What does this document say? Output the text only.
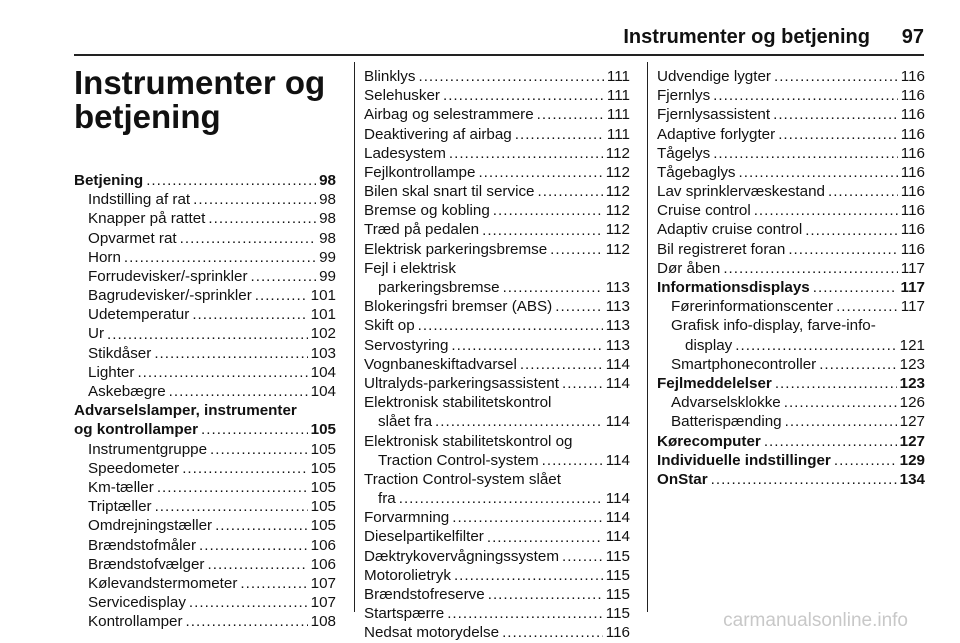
Instrumenter og betjening 97
Instrumenter og
betjening
Betjening .....	98
Indstilling af rat .....	98
Knapper på rattet .....	98
Opvarmet rat .....	98
Horn .....	99
Forrudevisker/-sprinkler .....	99
Bagrudevisker/-sprinkler .....	101
Udetemperatur .....	101
Ur .....	102
Stikdåser .....	103
Lighter .....	104
Askebægre .....	104
Advarselslamper, instrumenter
og kontrollamper .....	105
Instrumentgruppe .....	105
Speedometer .....	105
Km-tæller .....	105
Triptæller .....	105
Omdrejningstæller .....	105
Brændstofmåler .....	106
Brændstofvælger .....	106
Kølevandstermometer .....	107
Servicedisplay .....	107
Kontrollamper .....	108
Blinklys .....	111
Selehusker .....	111
Airbag og selestrammere .....	111
Deaktivering af airbag .....	111
Ladesystem .....	112
Fejlkontrollampe .....	112
Bilen skal snart til service .....	112
Bremse og kobling .....	112
Træd på pedalen .....	112
Elektrisk parkeringsbremse .....	112
Fejl i elektrisk
parkeringsbremse .....	113
Blokeringsfri bremser (ABS) .....	113
Skift op .....	113
Servostyring .....	113
Vognbaneskiftadvarsel .....	114
Ultralyds-parkeringsassistent .....	114
Elektronisk stabilitetskontrol
slået fra .....	114
Elektronisk stabilitetskontrol og
Traction Control-system .....	114
Traction Control-system slået
fra .....	114
Forvarmning .....	114
Dieselpartikelfilter .....	114
Dæktrykovervågningssystem .....	115
Motorolietryk .....	115
Brændstofreserve .....	115
Startspærre .....	115
Nedsat motorydelse .....	116
Udvendige lygter .....	116
Fjernlys .....	116
Fjernlysassistent .....	116
Adaptive forlygter .....	116
Tågelys .....	116
Tågebaglys .....	116
Lav sprinklervæskestand .....	116
Cruise control .....	116
Adaptiv cruise control .....	116
Bil registreret foran .....	116
Dør åben .....	117
Informationsdisplays .....	117
Førerinformationscenter .....	117
Grafisk info-display, farve-info-
display .....	121
Smartphonecontroller .....	123
Fejlmeddelelser .....	123
Advarselsklokke .....	126
Batterispænding .....	127
Kørecomputer .....	127
Individuelle indstillinger .....	129
OnStar .....	134
carmanualsonline.info
